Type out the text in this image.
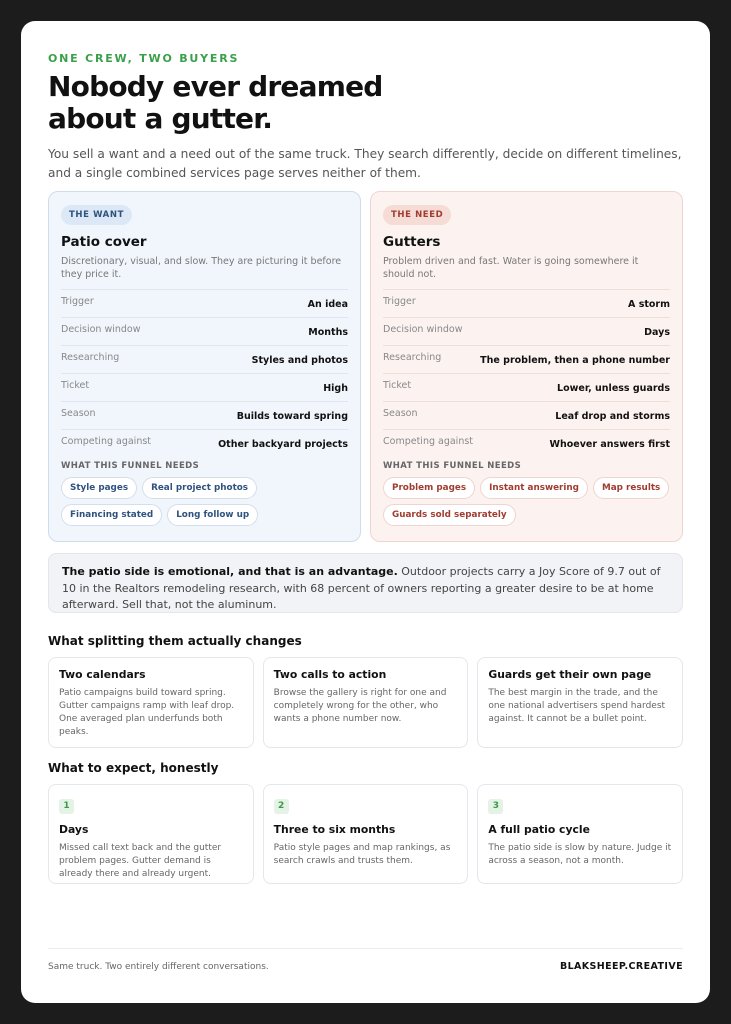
ONE CREW, TWO BUYERS
Nobody ever dreamed about a gutter.

You sell a want and a need out of the same truck. They search differently, decide on different timelines, and a single combined services page serves neither of them.

THE WANT
Patio cover
Discretionary, visual, and slow. They are picturing it before they price it.
Trigger	An idea
Decision window	Months
Researching	Styles and photos
Ticket	High
Season	Builds toward spring
Competing against	Other backyard projects
WHAT THIS FUNNEL NEEDS
Style pages	Real project photos
Financing stated	Long follow up
THE NEED
Gutters
Problem driven and fast. Water is going somewhere it should not.
Trigger	A storm
Decision window	Days
Researching	The problem, then a phone number
Ticket	Lower, unless guards
Season	Leaf drop and storms
Competing against	Whoever answers first
WHAT THIS FUNNEL NEEDS
Problem pages	Instant answering	Map results
Guards sold separately
The patio side is emotional, and that is an advantage. Outdoor projects carry a Joy Score of 9.7 out of 10 in the Realtors remodeling research, with 68 percent of owners reporting a greater desire to be at home afterward. Sell that, not the aluminum.
What splitting them actually changes
Two calendars
Patio campaigns build toward spring. Gutter campaigns ramp with leaf drop. One averaged plan underfunds both peaks.
Two calls to action
Browse the gallery is right for one and completely wrong for the other, who wants a phone number now.
Guards get their own page
The best margin in the trade, and the one national advertisers spend hardest against. It cannot be a bullet point.
What to expect, honestly
1
Days
Missed call text back and the gutter problem pages. Gutter demand is already there and already urgent.
2
Three to six months
Patio style pages and map rankings, as search crawls and trusts them.
3
A full patio cycle
The patio side is slow by nature. Judge it across a season, not a month.
Same truck. Two entirely different conversations.	BLAKSHEEP.CREATIVE
